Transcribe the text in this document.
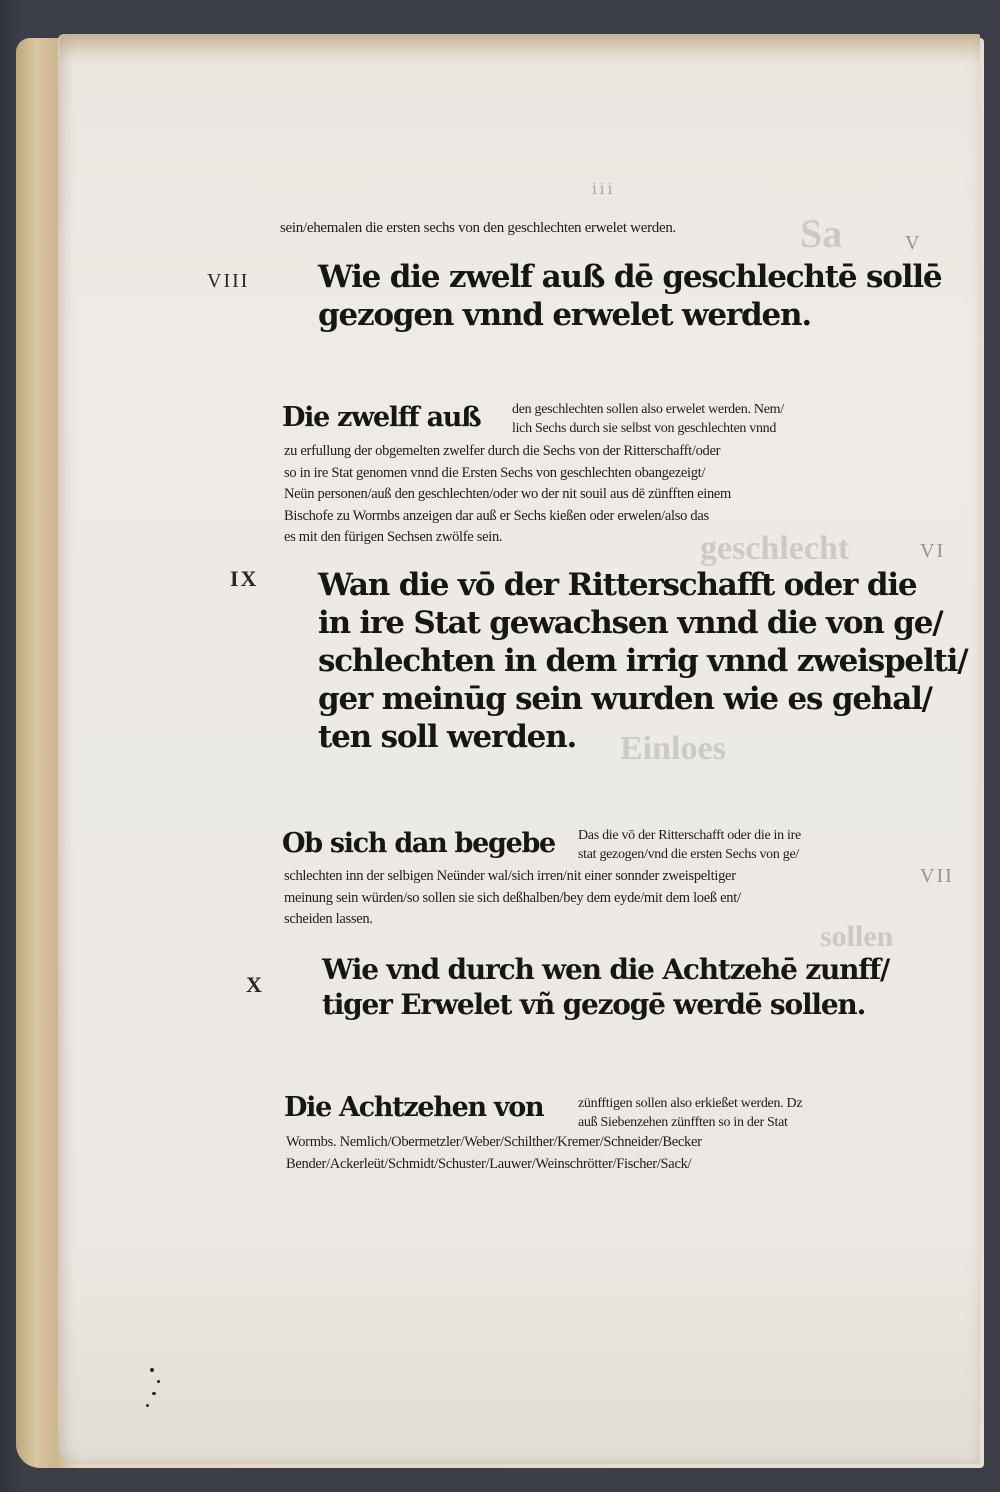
Sa
Einloes
geschlecht
sollen
V
VI
VII
iii
sein/ehemalen die ersten sechs von den geschlechten erwelet werden.
VIII Wie die zwelf auß dē geschlechtē sollē
gezogen vnnd erwelet werden.
Die zwelff auß den geschlechten sollen also erwelet werden. Nem/
lich Sechs durch sie selbst von geschlechten vnnd
zu erfullung der obgemelten zwelfer durch die Sechs von der Ritterschafft/oder
so in ire Stat genomen vnnd die Ersten Sechs von geschlechten obangezeigt/
Neün personen/auß den geschlechten/oder wo der nit souil aus dē zünfften einem
Bischofe zu Wormbs anzeigen dar auß er Sechs kießen oder erwelen/also das
es mit den fürigen Sechsen zwölfe sein.
IX Wan die vō der Ritterschafft oder die
in ire Stat gewachsen vnnd die von ge/
schlechten in dem irrig vnnd zweispelti/
ger meinūg sein wurden wie es gehal/
ten soll werden.
Ob sich dan begebe Das die vō der Ritterschafft oder die in ire
stat gezogen/vnd die ersten Sechs von ge/
schlechten inn der selbigen Neünder wal/sich irren/nit einer sonnder zweispeltiger
meinung sein würden/so sollen sie sich deßhalben/bey dem eyde/mit dem loeß ent/
scheiden lassen.
X Wie vnd durch wen die Achtzehē zunff/
tiger Erwelet vñ gezogē werdē sollen.
Die Achtzehen von zünfftigen sollen also erkießet werden. Dz
auß Siebenzehen zünfften so in der Stat
Wormbs. Nemlich/Obermetzler/Weber/Schilther/Kremer/Schneider/Becker
Bender/Ackerleüt/Schmidt/Schuster/Lauwer/Weinschrötter/Fischer/Sack/
